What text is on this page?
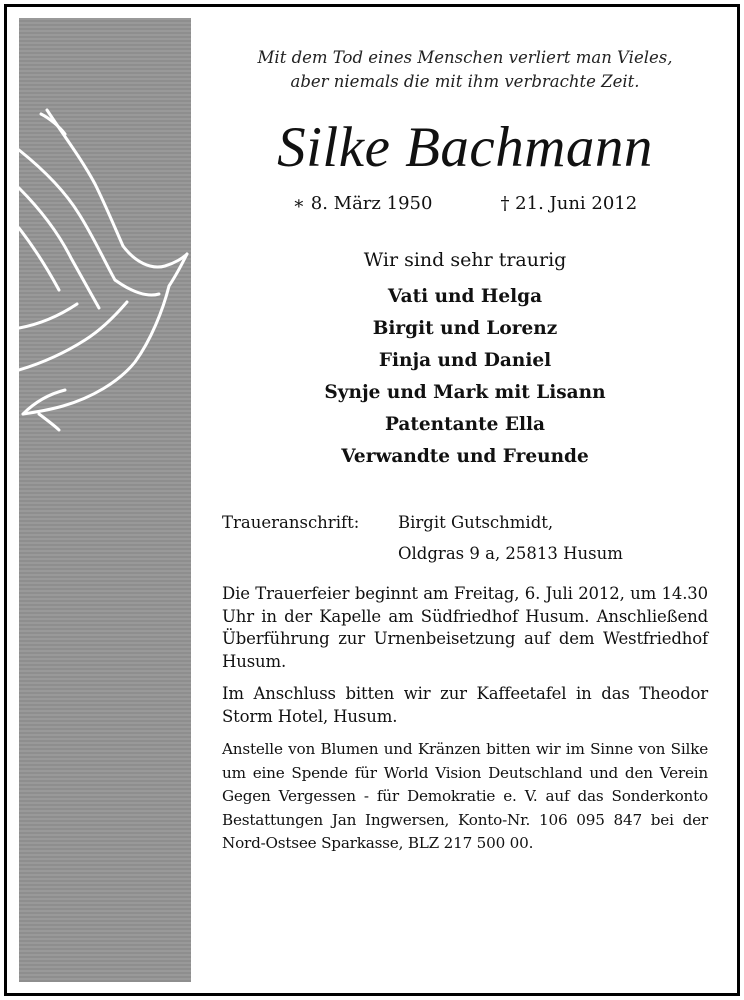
Mit dem Tod eines Menschen verliert man Vieles,
aber niemals die mit ihm verbrachte Zeit.
Silke Bachmann
∗ 8. März 1950	† 21. Juni 2012
Wir sind sehr traurig
Vati und Helga
Birgit und Lorenz
Finja und Daniel
Synje und Mark mit Lisann
Patentante Ella
Verwandte und Freunde
Traueranschrift:	Birgit Gutschmidt,
Oldgras 9 a, 25813 Husum

Die Trauerfeier beginnt am Freitag, 6. Juli 2012, um 14.30 Uhr in der Kapelle am Südfriedhof Husum. Anschließend Überführung zur Urnenbeisetzung auf dem Westfriedhof Husum.

Im Anschluss bitten wir zur Kaffeetafel in das Theodor Storm Hotel, Husum.

Anstelle von Blumen und Kränzen bitten wir im Sinne von Silke um eine Spende für World Vision Deutschland und den Verein Gegen Vergessen - für Demokratie e. V. auf das Sonderkonto Bestattungen Jan Ingwersen, Konto-Nr. 106 095 847 bei der Nord-Ostsee Sparkasse, BLZ 217 500 00.
